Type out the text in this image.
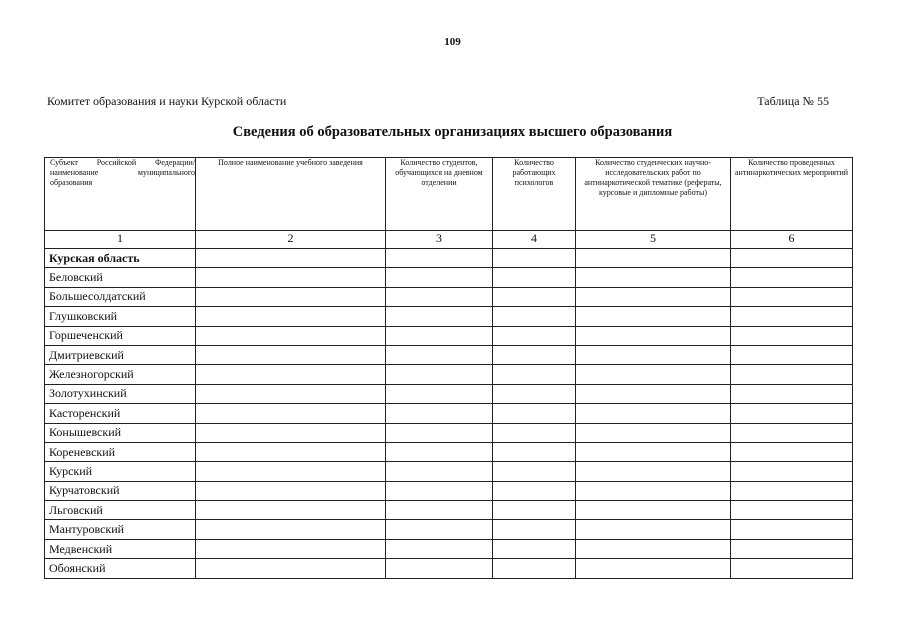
109
Комитет образования и науки Курской области	Таблица № 55
Сведения об образовательных организациях высшего образования
Субъект Российской Федерации/наименование муниципального образования	Полное наименование учебного заведения	Количество студентов, обучающихся на дневном отделении	Количество работающих психологов	Количество студенческих научно-исследовательских работ по антинаркотической тематике (рефераты, курсовые и дипломные работы)	Количество проведенных антинаркотических мероприятий
1	2	3	4	5	6
Курская область					
Беловский					
Большесолдатский					
Глушковский					
Горшеченский					
Дмитриевский					
Железногорский					
Золотухинский					
Касторенский					
Конышевский					
Кореневский					
Курский					
Курчатовский					
Льговский					
Мантуровский					
Медвенский					
Обоянский					
